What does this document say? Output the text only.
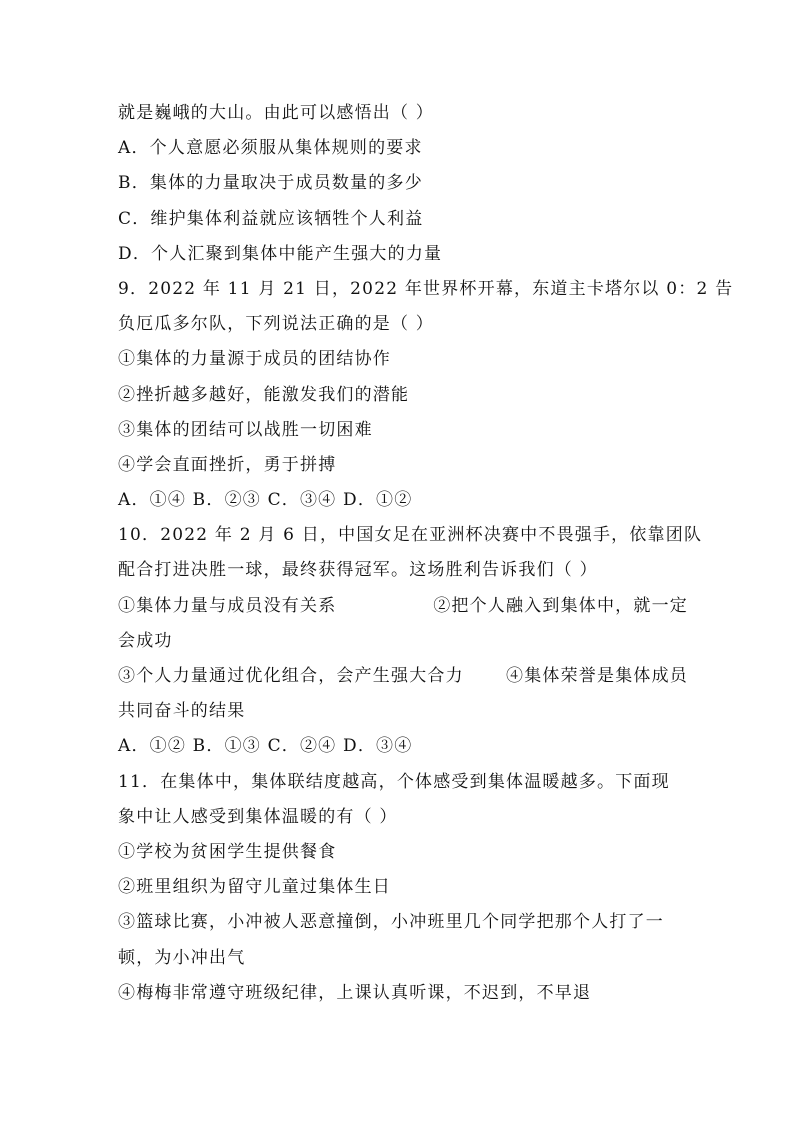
就是巍峨的大山。由此可以感悟出（ ）
A．个人意愿必须服从集体规则的要求
B．集体的力量取决于成员数量的多少
C．维护集体利益就应该牺牲个人利益
D．个人汇聚到集体中能产生强大的力量
9．2022 年 11 月 21 日，2022 年世界杯开幕，东道主卡塔尔以 0：2 告
负厄瓜多尔队，下列说法正确的是（ ）
①集体的力量源于成员的团结协作
②挫折越多越好，能激发我们的潜能
③集体的团结可以战胜一切困难
④学会直面挫折，勇于拼搏
A．①④ B．②③ C．③④ D．①②
10．2022 年 2 月 6 日，中国女足在亚洲杯决赛中不畏强手，依靠团队
配合打进决胜一球，最终获得冠军。这场胜利告诉我们（ ）
①集体力量与成员没有关系	②把个人融入到集体中，就一定
会成功
③个人力量通过优化组合，会产生强大合力 ④集体荣誉是集体成员
共同奋斗的结果
A．①② B．①③ C．②④ D．③④
11．在集体中，集体联结度越高，个体感受到集体温暖越多。下面现
象中让人感受到集体温暖的有（ ）
①学校为贫困学生提供餐食
②班里组织为留守儿童过集体生日
③篮球比赛，小冲被人恶意撞倒，小冲班里几个同学把那个人打了一
顿，为小冲出气
④梅梅非常遵守班级纪律，上课认真听课，不迟到，不早退
